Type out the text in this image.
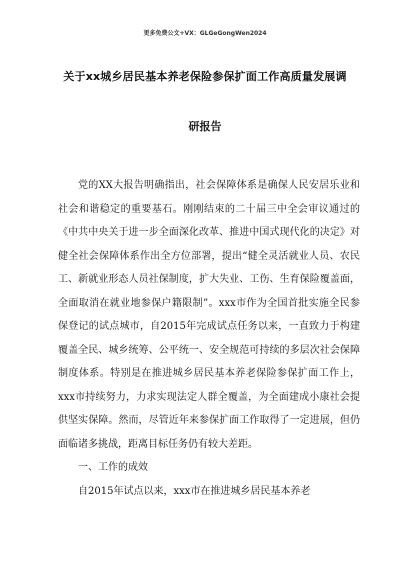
更多免费公文+VX：GLGeGongWen2024
关于xx城乡居民基本养老保险参保扩面工作高质量发展调
研报告

党的XX大报告明确指出，社会保障体系是确保人民安居乐业和社会和谐稳定的重要基石。刚刚结束的二十届三中全会审议通过的《中共中央关于进一步全面深化改革、推进中国式现代化的决定》对健全社会保障体系作出全方位部署，提出“健全灵活就业人员、农民工、新就业形态人员社保制度，扩大失业、工伤、生育保险覆盖面，全面取消在就业地参保户籍限制”。xxx市作为全国首批实施全民参保登记的试点城市，自2015年完成试点任务以来，一直致力于构建覆盖全民、城乡统筹、公平统一、安全规范可持续的多层次社会保障制度体系。特别是在推进城乡居民基本养老保险参保扩面工作上，xxx市持续努力，力求实现法定人群全覆盖，为全面建成小康社会提供坚实保障。然而，尽管近年来参保扩面工作取得了一定进展，但仍面临诸多挑战，距离目标任务仍有较大差距。

一、工作的成效

自2015年试点以来，xxx市在推进城乡居民基本养老
